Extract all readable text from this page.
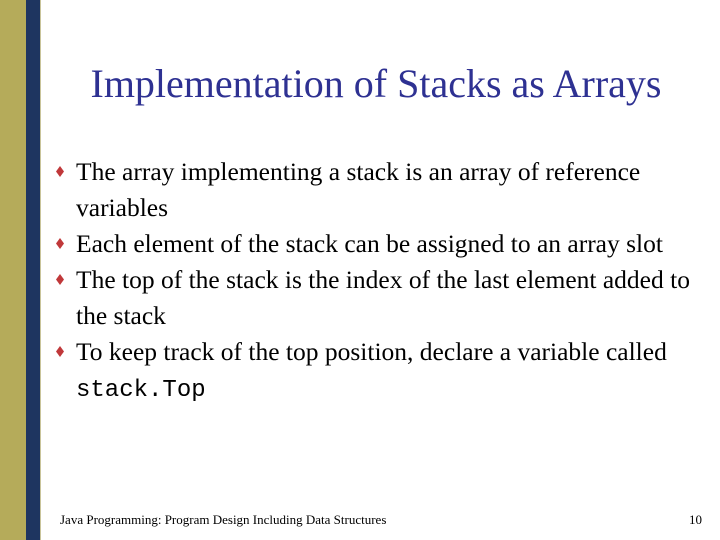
Implementation of Stacks as Arrays
The array implementing a stack is an array of reference variables
Each element of the stack can be assigned to an array slot
The top of the stack is the index of the last element added to the stack
To keep track of the top position, declare a variable called stack.Top
Java Programming: Program Design Including Data Structures	10
